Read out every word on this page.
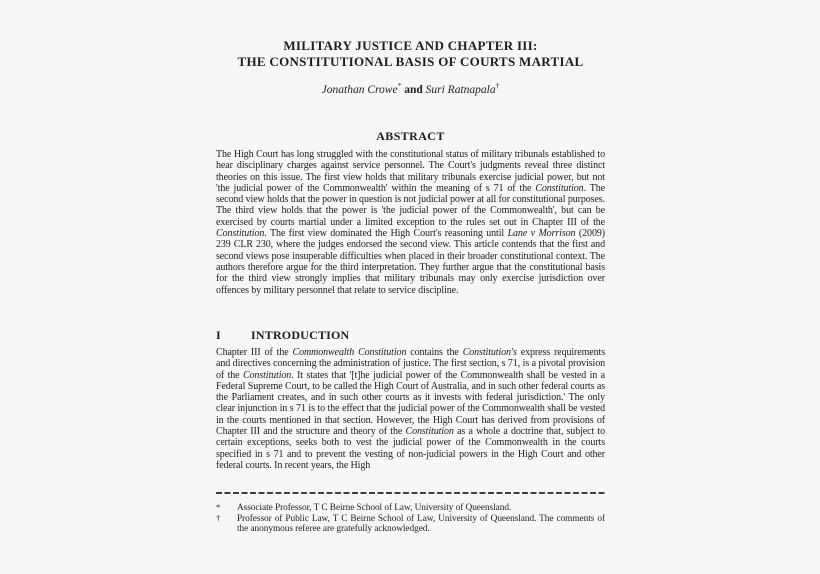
MILITARY JUSTICE AND CHAPTER III:
THE CONSTITUTIONAL BASIS OF COURTS MARTIAL
Jonathan Crowe* and Suri Ratnapala†
ABSTRACT

The High Court has long struggled with the constitutional status of military tribunals established to hear disciplinary charges against service personnel. The Court's judgments reveal three distinct theories on this issue. The first view holds that military tribunals exercise judicial power, but not 'the judicial power of the Commonwealth' within the meaning of s 71 of the Constitution. The second view holds that the power in question is not judicial power at all for constitutional purposes. The third view holds that the power is 'the judicial power of the Commonwealth', but can be exercised by courts martial under a limited exception to the rules set out in Chapter III of the Constitution. The first view dominated the High Court's reasoning until Lane v Morrison (2009) 239 CLR 230, where the judges endorsed the second view. This article contends that the first and second views pose insuperable difficulties when placed in their broader constitutional context. The authors therefore argue for the third interpretation. They further argue that the constitutional basis for the third view strongly implies that military tribunals may only exercise jurisdiction over offences by military personnel that relate to service discipline.

I	INTRODUCTION

Chapter III of the Commonwealth Constitution contains the Constitution's express requirements and directives concerning the administration of justice. The first section, s 71, is a pivotal provision of the Constitution. It states that '[t]he judicial power of the Commonwealth shall be vested in a Federal Supreme Court, to be called the High Court of Australia, and in such other federal courts as the Parliament creates, and in such other courts as it invests with federal jurisdiction.' The only clear injunction in s 71 is to the effect that the judicial power of the Commonwealth shall be vested in the courts mentioned in that section. However, the High Court has derived from provisions of Chapter III and the structure and theory of the Constitution as a whole a doctrine that, subject to certain exceptions, seeks both to vest the judicial power of the Commonwealth in the courts specified in s 71 and to prevent the vesting of non-judicial powers in the High Court and other federal courts. In recent years, the High

*	Associate Professor, T C Beirne School of Law, University of Queensland.
†	Professor of Public Law, T C Beirne School of Law, University of Queensland. The comments of the anonymous referee are gratefully acknowledged.
